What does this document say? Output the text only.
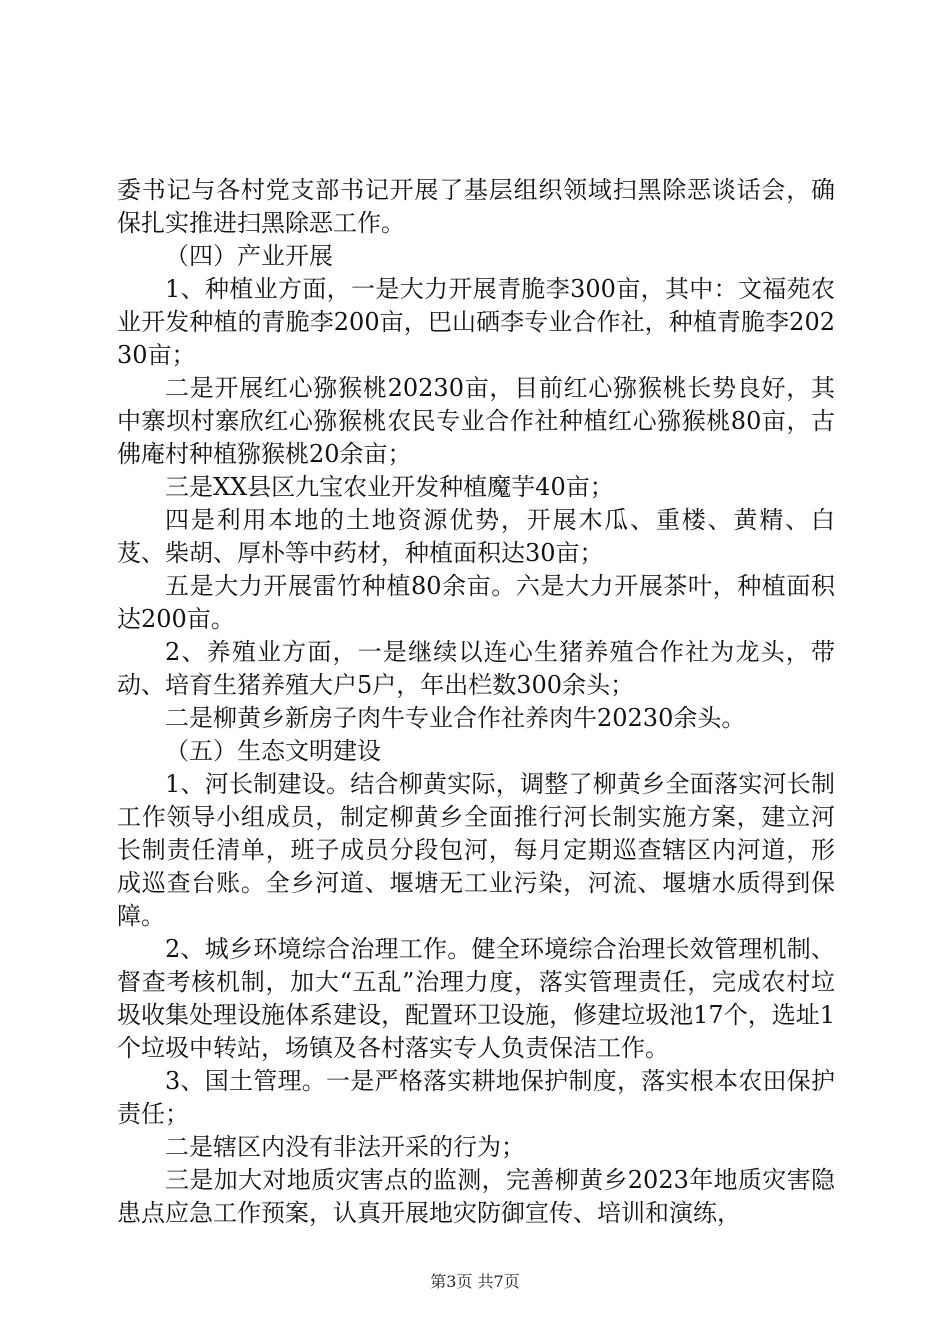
委书记与各村党支部书记开展了基层组织领域扫黑除恶谈话会，确保扎实推进扫黑除恶工作。

（四）产业开展

1、种植业方面，一是大力开展青脆李300亩，其中：文福苑农业开发种植的青脆李200亩，巴山硒李专业合作社，种植青脆李20230亩；

二是开展红心猕猴桃20230亩，目前红心猕猴桃长势良好，其中寨坝村寨欣红心猕猴桃农民专业合作社种植红心猕猴桃80亩，古佛庵村种植猕猴桃20余亩；

三是XX县区九宝农业开发种植魔芋40亩；

四是利用本地的土地资源优势，开展木瓜、重楼、黄精、白芨、柴胡、厚朴等中药材，种植面积达30亩；

五是大力开展雷竹种植80余亩。六是大力开展茶叶，种植面积达200亩。

2、养殖业方面，一是继续以连心生猪养殖合作社为龙头，带动、培育生猪养殖大户5户，年出栏数300余头；

二是柳黄乡新房子肉牛专业合作社养肉牛20230余头。

（五）生态文明建设

1、河长制建设。结合柳黄实际，调整了柳黄乡全面落实河长制工作领导小组成员，制定柳黄乡全面推行河长制实施方案，建立河长制责任清单，班子成员分段包河，每月定期巡查辖区内河道，形成巡查台账。全乡河道、堰塘无工业污染，河流、堰塘水质得到保障。

2、城乡环境综合治理工作。健全环境综合治理长效管理机制、督查考核机制，加大“五乱”治理力度，落实管理责任，完成农村垃圾收集处理设施体系建设，配置环卫设施，修建垃圾池17个，选址1个垃圾中转站，场镇及各村落实专人负责保洁工作。

3、国土管理。一是严格落实耕地保护制度，落实根本农田保护责任；

二是辖区内没有非法开采的行为；

三是加大对地质灾害点的监测，完善柳黄乡2023年地质灾害隐患点应急工作预案，认真开展地灾防御宣传、培训和演练，

第3页 共7页
